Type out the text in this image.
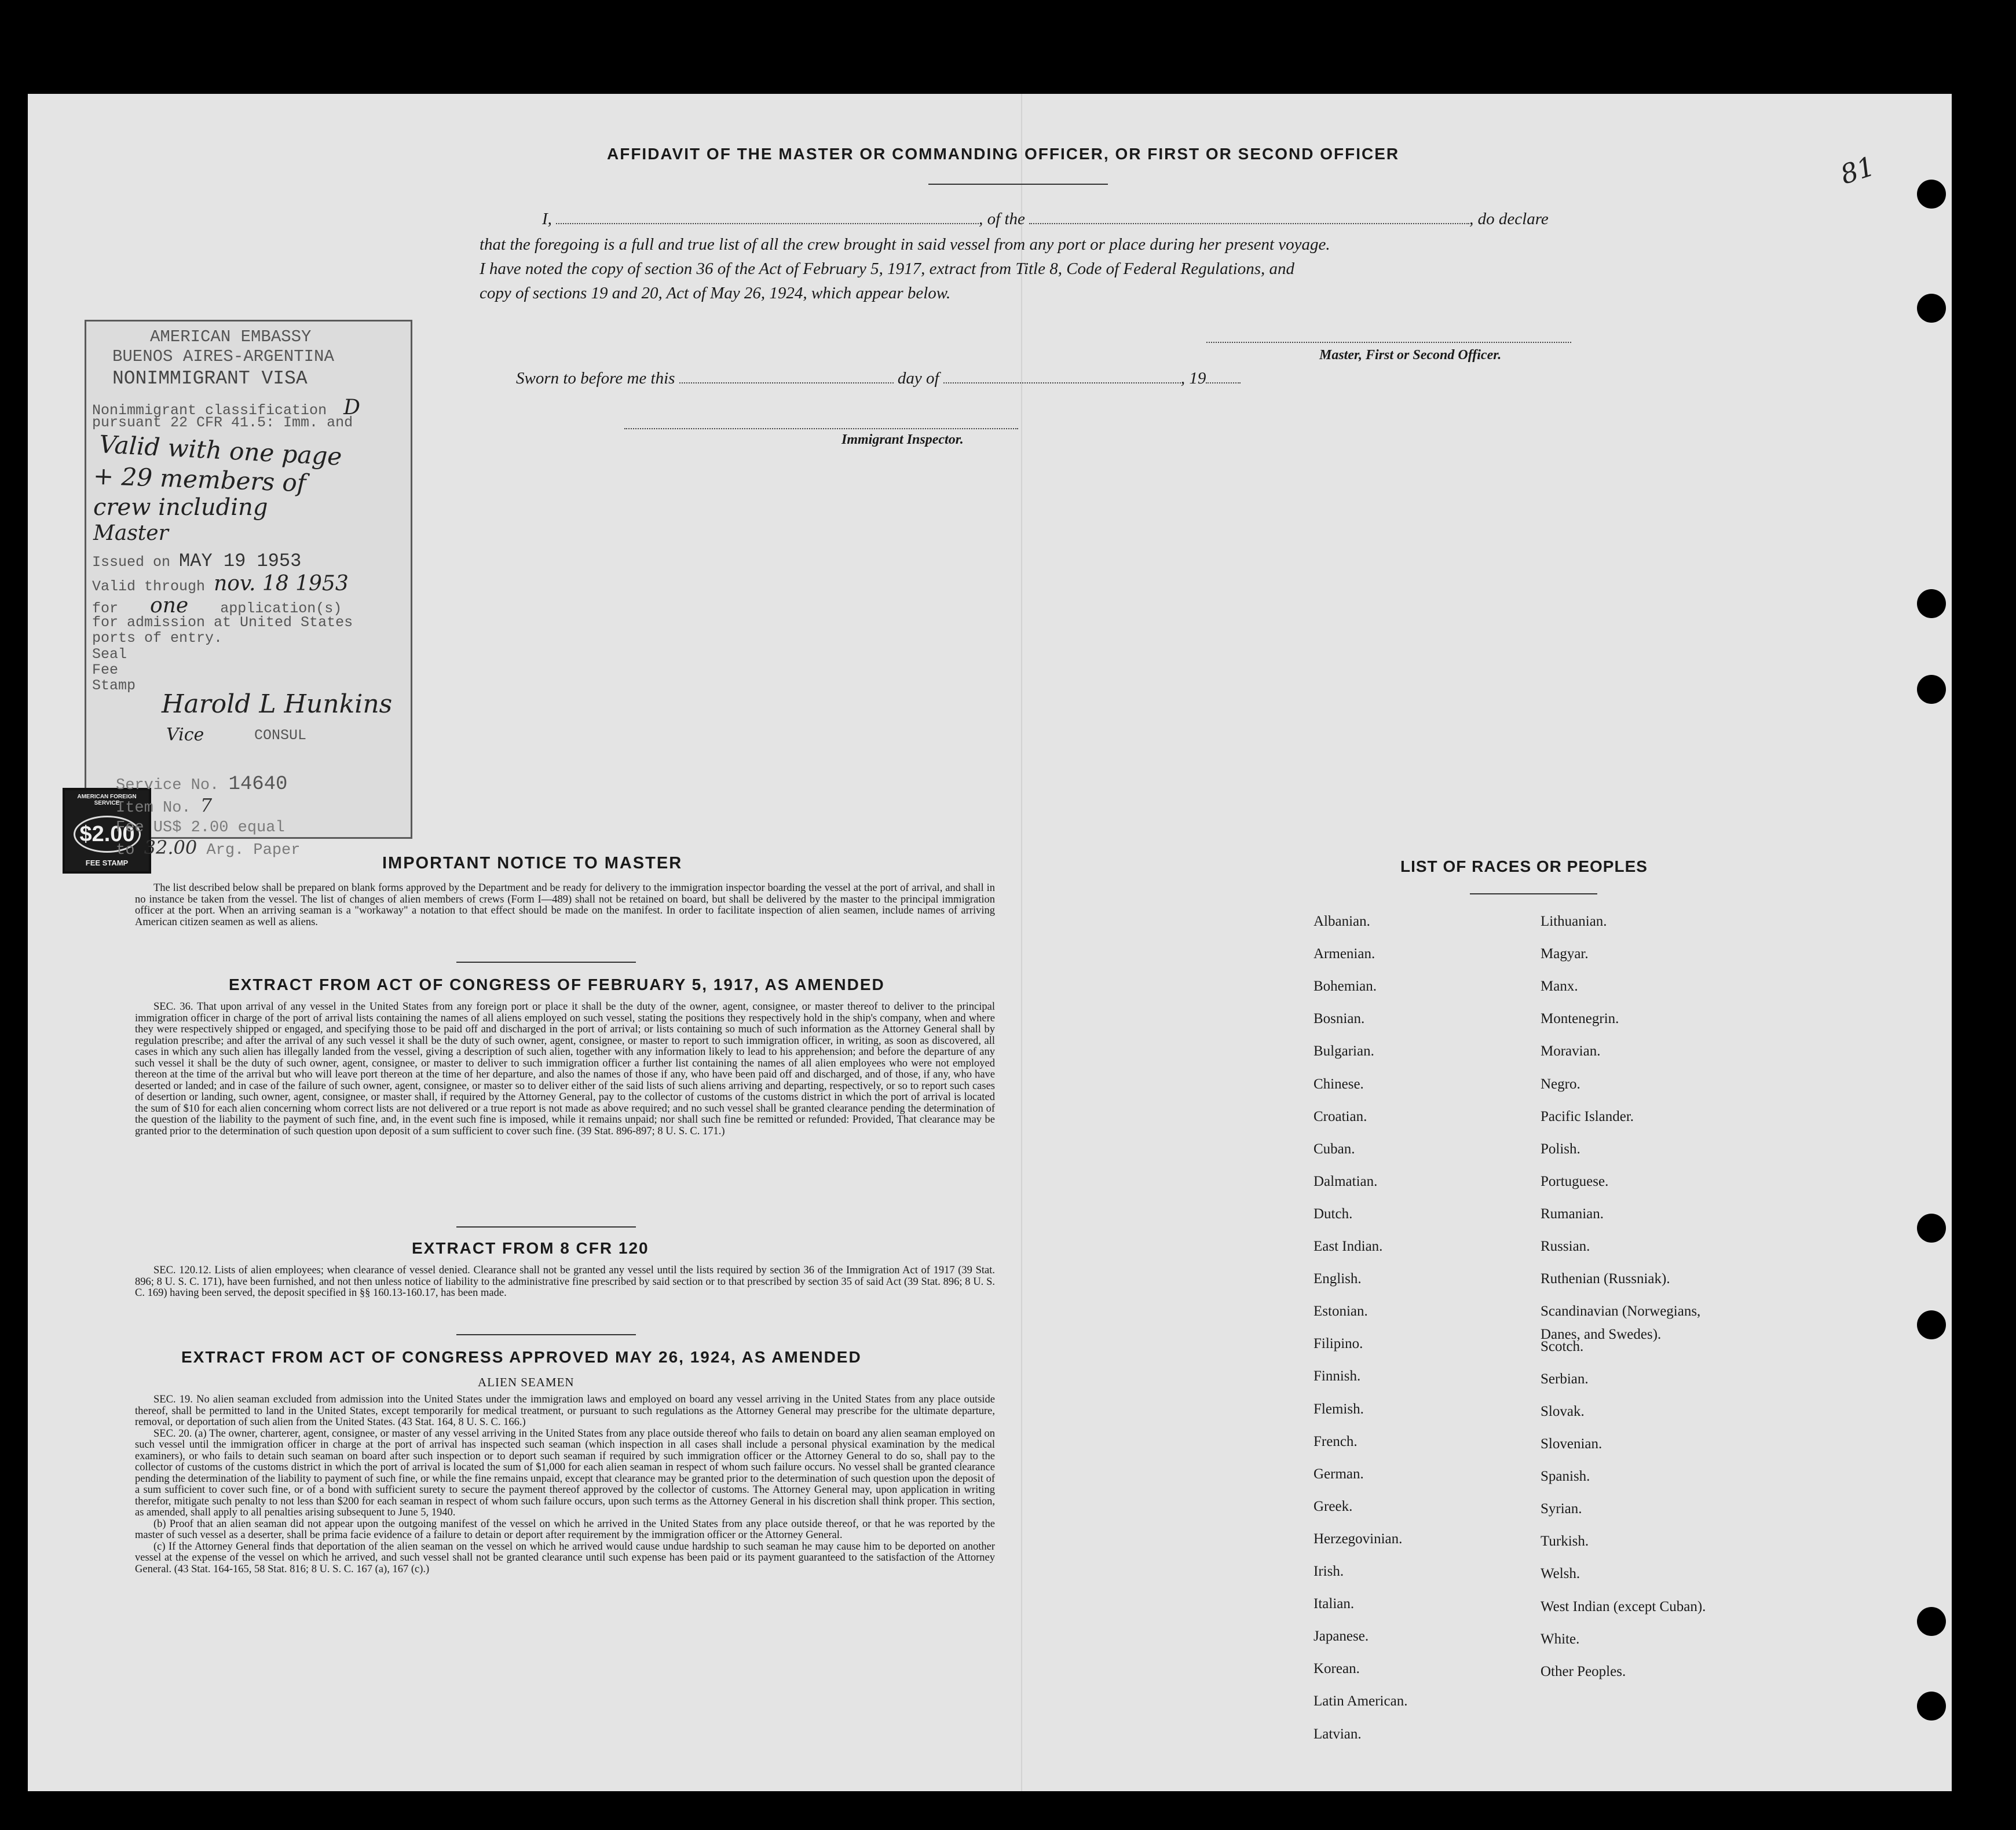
81
AFFIDAVIT OF THE MASTER OR COMMANDING OFFICER, OR FIRST OR SECOND OFFICER
I,	, of the	, do declare
that the foregoing is a full and true list of all the crew brought in said vessel from any port or place during her present voyage.
I have noted the copy of section 36 of the Act of February 5, 1917, extract from Title 8, Code of Federal Regulations, and
copy of sections 19 and 20, Act of May 26, 1924, which appear below.
Master, First or Second Officer.
Sworn to before me this	day of	, 19
Immigrant Inspector.
AMERICAN EMBASSY
BUENOS AIRES-ARGENTINA
NONIMMIGRANT VISA
Nonimmigrant classification D
pursuant 22 CFR 41.5: Imm. and
Valid with one page
+ 29 members of
crew including
Master
Issued on MAY 19 1953
Valid through nov. 18 1953
for one application(s)
for admission at United States
ports of entry.
Seal
Fee
Stamp
Harold L Hunkins
Vice	CONSUL
AMERICAN FOREIGN SERVICE
$2.00
FEE STAMP
Service No. 14640
Item No. 7
Fee US$ 2.00 equal
to 32.00 Arg. Paper
IMPORTANT NOTICE TO MASTER

The list described below shall be prepared on blank forms approved by the Department and be ready for delivery to the immigration inspector boarding the vessel at the port of arrival, and shall in no instance be taken from the vessel. The list of changes of alien members of crews (Form I—489) shall not be retained on board, but shall be delivered by the master to the principal immigration officer at the port. When an arriving seaman is a "workaway" a notation to that effect should be made on the manifest. In order to facilitate inspection of alien seamen, include names of arriving American citizen seamen as well as aliens.

EXTRACT FROM ACT OF CONGRESS OF FEBRUARY 5, 1917, AS AMENDED

SEC. 36. That upon arrival of any vessel in the United States from any foreign port or place it shall be the duty of the owner, agent, consignee, or master thereof to deliver to the principal immigration officer in charge of the port of arrival lists containing the names of all aliens employed on such vessel, stating the positions they respectively hold in the ship's company, when and where they were respectively shipped or engaged, and specifying those to be paid off and discharged in the port of arrival; or lists containing so much of such information as the Attorney General shall by regulation prescribe; and after the arrival of any such vessel it shall be the duty of such owner, agent, consignee, or master to report to such immigration officer, in writing, as soon as discovered, all cases in which any such alien has illegally landed from the vessel, giving a description of such alien, together with any information likely to lead to his apprehension; and before the departure of any such vessel it shall be the duty of such owner, agent, consignee, or master to deliver to such immigration officer a further list containing the names of all alien employees who were not employed thereon at the time of the arrival but who will leave port thereon at the time of her departure, and also the names of those if any, who have been paid off and discharged, and of those, if any, who have deserted or landed; and in case of the failure of such owner, agent, consignee, or master so to deliver either of the said lists of such aliens arriving and departing, respectively, or so to report such cases of desertion or landing, such owner, agent, consignee, or master shall, if required by the Attorney General, pay to the collector of customs of the customs district in which the port of arrival is located the sum of $10 for each alien concerning whom correct lists are not delivered or a true report is not made as above required; and no such vessel shall be granted clearance pending the determination of the question of the liability to the payment of such fine, and, in the event such fine is imposed, while it remains unpaid; nor shall such fine be remitted or refunded: Provided, That clearance may be granted prior to the determination of such question upon deposit of a sum sufficient to cover such fine. (39 Stat. 896-897; 8 U. S. C. 171.)

EXTRACT FROM 8 CFR 120

SEC. 120.12. Lists of alien employees; when clearance of vessel denied. Clearance shall not be granted any vessel until the lists required by section 36 of the Immigration Act of 1917 (39 Stat. 896; 8 U. S. C. 171), have been furnished, and not then unless notice of liability to the administrative fine prescribed by said section or to that prescribed by section 35 of said Act (39 Stat. 896; 8 U. S. C. 169) having been served, the deposit specified in §§ 160.13-160.17, has been made.

EXTRACT FROM ACT OF CONGRESS APPROVED MAY 26, 1924, AS AMENDED
ALIEN SEAMEN

SEC. 19. No alien seaman excluded from admission into the United States under the immigration laws and employed on board any vessel arriving in the United States from any place outside thereof, shall be permitted to land in the United States, except temporarily for medical treatment, or pursuant to such regulations as the Attorney General may prescribe for the ultimate departure, removal, or deportation of such alien from the United States. (43 Stat. 164, 8 U. S. C. 166.)

SEC. 20. (a) The owner, charterer, agent, consignee, or master of any vessel arriving in the United States from any place outside thereof who fails to detain on board any alien seaman employed on such vessel until the immigration officer in charge at the port of arrival has inspected such seaman (which inspection in all cases shall include a personal physical examination by the medical examiners), or who fails to detain such seaman on board after such inspection or to deport such seaman if required by such immigration officer or the Attorney General to do so, shall pay to the collector of customs of the customs district in which the port of arrival is located the sum of $1,000 for each alien seaman in respect of whom such failure occurs. No vessel shall be granted clearance pending the determination of the liability to payment of such fine, or while the fine remains unpaid, except that clearance may be granted prior to the determination of such question upon the deposit of a sum sufficient to cover such fine, or of a bond with sufficient surety to secure the payment thereof approved by the collector of customs. The Attorney General may, upon application in writing therefor, mitigate such penalty to not less than $200 for each seaman in respect of whom such failure occurs, upon such terms as the Attorney General in his discretion shall think proper. This section, as amended, shall apply to all penalties arising subsequent to June 5, 1940.

(b) Proof that an alien seaman did not appear upon the outgoing manifest of the vessel on which he arrived in the United States from any place outside thereof, or that he was reported by the master of such vessel as a deserter, shall be prima facie evidence of a failure to detain or deport after requirement by the immigration officer or the Attorney General.

(c) If the Attorney General finds that deportation of the alien seaman on the vessel on which he arrived would cause undue hardship to such seaman he may cause him to be deported on another vessel at the expense of the vessel on which he arrived, and such vessel shall not be granted clearance until such expense has been paid or its payment guaranteed to the satisfaction of the Attorney General. (43 Stat. 164-165, 58 Stat. 816; 8 U. S. C. 167 (a), 167 (c).)

LIST OF RACES OR PEOPLES
Danes, and Swedes).
Albanian.
Armenian.
Bohemian.
Bosnian.
Bulgarian.
Chinese.
Croatian.
Cuban.
Dalmatian.
Dutch.
East Indian.
English.
Estonian.
Filipino.
Finnish.
Flemish.
French.
German.
Greek.
Herzegovinian.
Irish.
Italian.
Japanese.
Korean.
Latin American.
Latvian.
Lithuanian.
Magyar.
Manx.
Montenegrin.
Moravian.
Negro.
Pacific Islander.
Polish.
Portuguese.
Rumanian.
Russian.
Ruthenian (Russniak).
Scandinavian (Norwegians,
Scotch.
Serbian.
Slovak.
Slovenian.
Spanish.
Syrian.
Turkish.
Welsh.
West Indian (except Cuban).
White.
Other Peoples.
